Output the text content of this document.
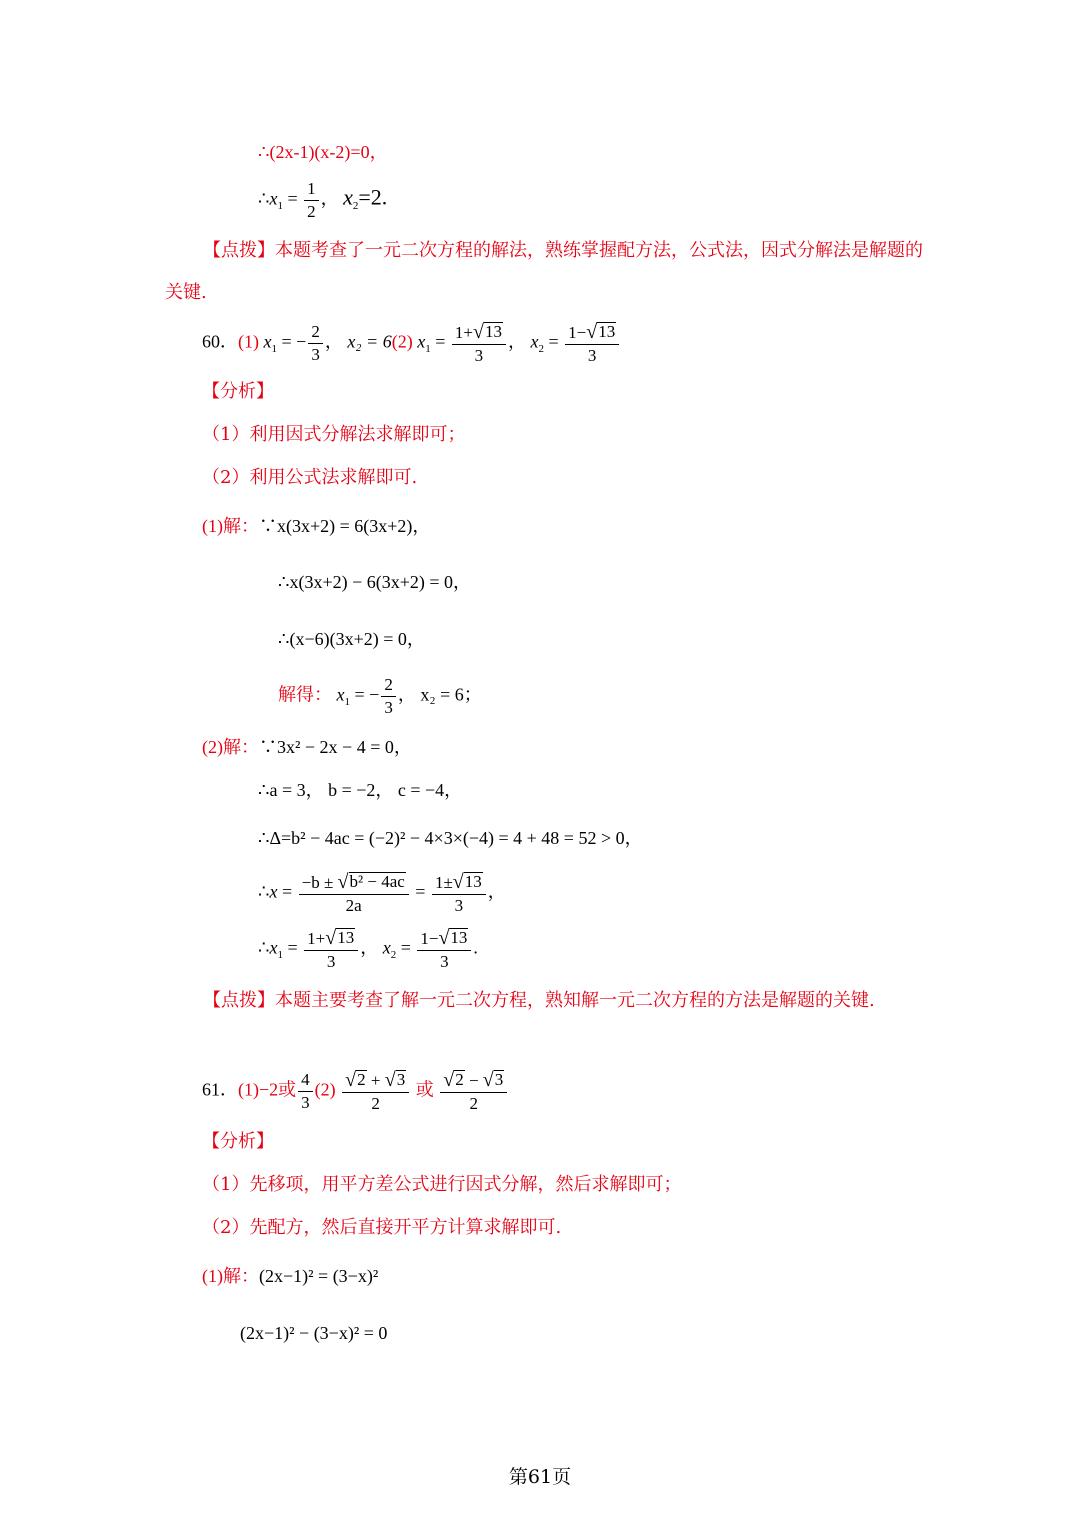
∴(2x-1)(x-2)=0，
$\therefore x_1 = \frac{1}{2}$ ， $x_2=2$.
【点拨】本题考查了一元二次方程的解法，熟练掌握配方法，公式法，因式分解法是解题的关键.
60．(1) $x_1$ = − $\frac{2}{3}$ ， x₂ = 6(2) $x_1 = \frac{1+ √ 13}{3}$ ， $x_2 = \frac{1- √ 13}{3}$
【分析】
（1）利用因式分解法求解即可；
（2）利用公式法求解即可.
(1)解：∵x(3x+2) = 6(3x+2)，
∴x(3x+2) − 6(3x+2) = 0，
∴(x−6)(3x+2) = 0，
解得： $x_1$ = − $\frac{2}{3}$ ， x₂ = 6；
(2)解：∵3x² − 2x − 4 = 0，
∴a = 3， b = −2， c = −4，
∴Δ=b² − 4ac = (−2)² − 4×3×(−4) = 4 + 48 = 52 > 0，
∴x = $\frac{\text{−b ± √ b² − 4ac}}{2a} = \frac{1\pm √ 13}{3}$ ，
$\therefore x_1 = \frac{1+ √ 13}{3}$ ， $x_2 = \frac{1- √ 13}{3}$ .
【点拨】本题主要考查了解一元二次方程，熟知解一元二次方程的方法是解题的关键.
61．(1)−2或 $\frac{4}{3} (2) \frac{√ 2 + √ 3}{2}$ 或 $\frac{√ 2 - √ 3}{2}$
【分析】
（1）先移项，用平方差公式进行因式分解，然后求解即可；
（2）先配方，然后直接开平方计算求解即可.
(1)解：(2x−1)² = (3−x)²
(2x−1)² − (3−x)² = 0
第61页
